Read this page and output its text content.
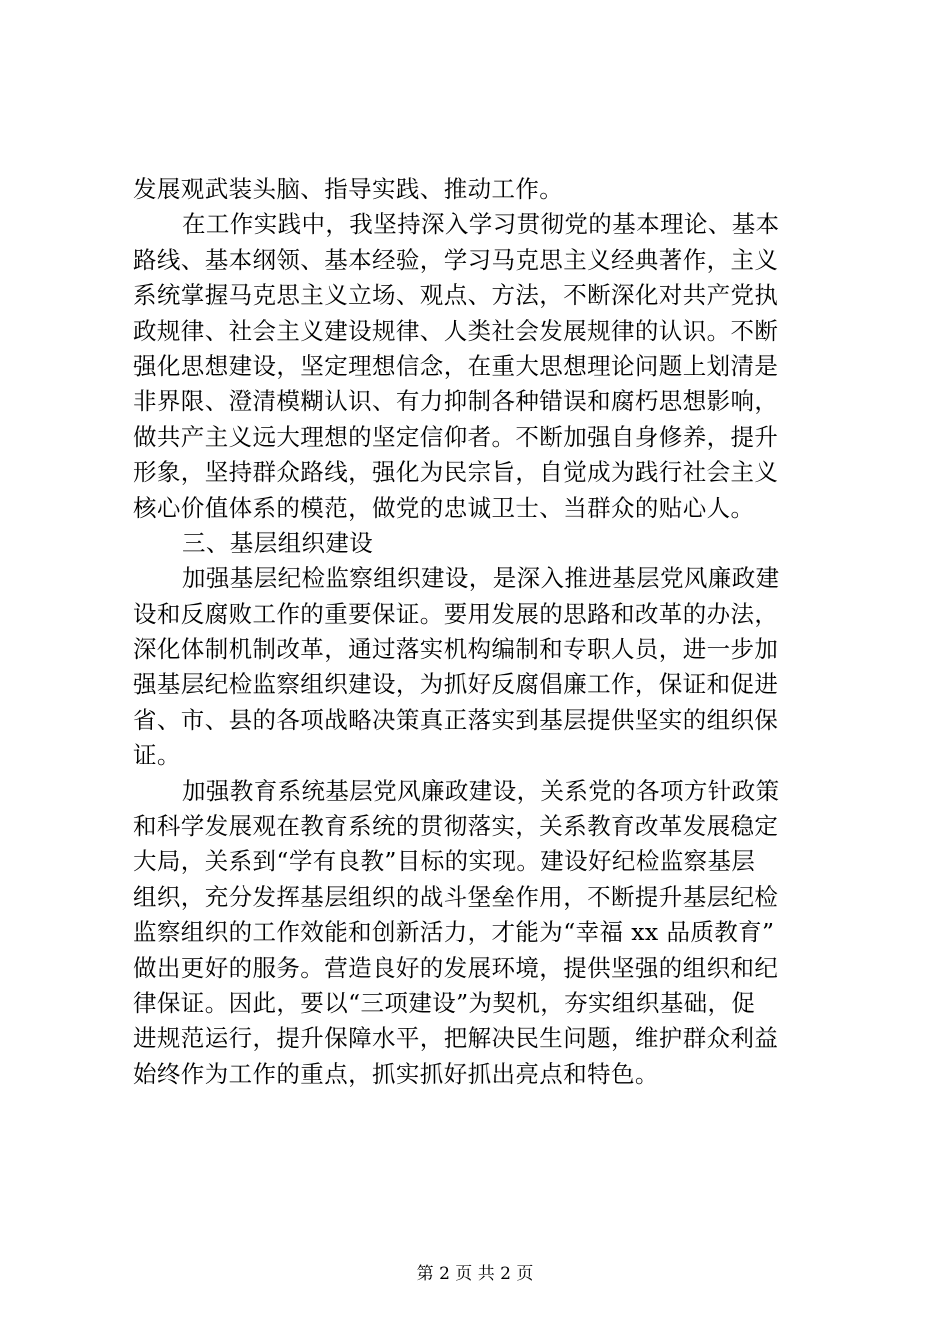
发展观武装头脑、指导实践、推动工作。
在工作实践中，我坚持深入学习贯彻党的基本理论、基本
路线、基本纲领、基本经验，学习马克思主义经典著作，主义
系统掌握马克思主义立场、观点、方法，不断深化对共产党执
政规律、社会主义建设规律、人类社会发展规律的认识。不断
强化思想建设，坚定理想信念，在重大思想理论问题上划清是
非界限、澄清模糊认识、有力抑制各种错误和腐朽思想影响，
做共产主义远大理想的坚定信仰者。不断加强自身修养，提升
形象，坚持群众路线，强化为民宗旨，自觉成为践行社会主义
核心价值体系的模范，做党的忠诚卫士、当群众的贴心人。
三、基层组织建设
加强基层纪检监察组织建设，是深入推进基层党风廉政建
设和反腐败工作的重要保证。要用发展的思路和改革的办法，
深化体制机制改革，通过落实机构编制和专职人员，进一步加
强基层纪检监察组织建设，为抓好反腐倡廉工作，保证和促进
省、市、县的各项战略决策真正落实到基层提供坚实的组织保
证。
加强教育系统基层党风廉政建设，关系党的各项方针政策
和科学发展观在教育系统的贯彻落实，关系教育改革发展稳定
大局，关系到“学有良教”目标的实现。建设好纪检监察基层
组织，充分发挥基层组织的战斗堡垒作用，不断提升基层纪检
监察组织的工作效能和创新活力，才能为“幸福 xx 品质教育”
做出更好的服务。营造良好的发展环境，提供坚强的组织和纪
律保证。因此，要以“三项建设”为契机，夯实组织基础，促
进规范运行，提升保障水平，把解决民生问题，维护群众利益
始终作为工作的重点，抓实抓好抓出亮点和特色。
第 2 页 共 2 页
